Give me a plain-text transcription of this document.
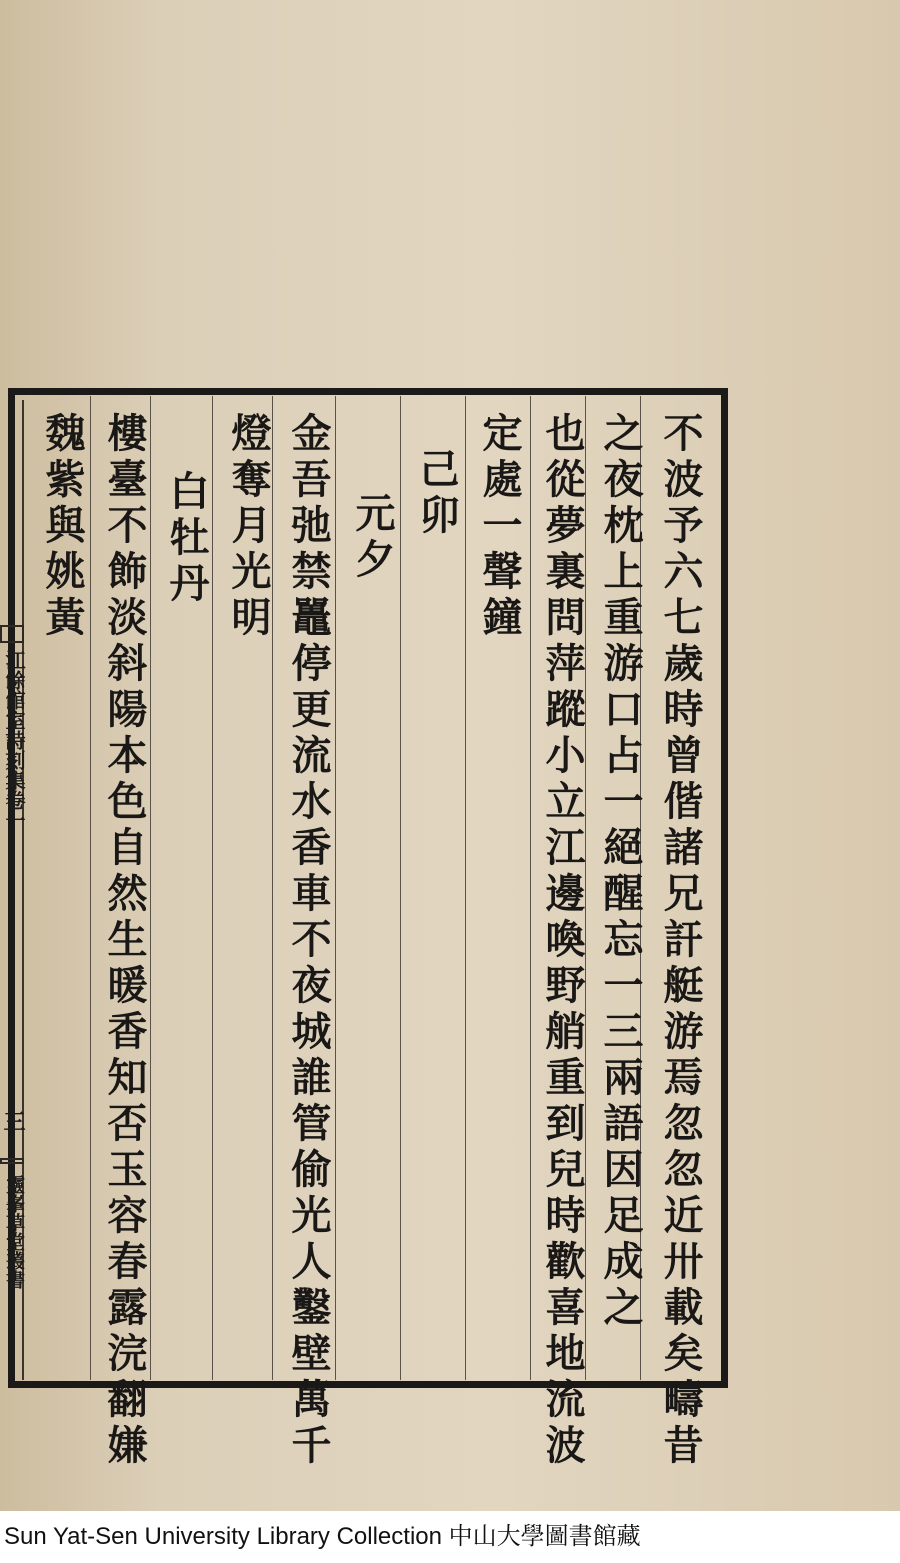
不波予六七歲時曾偕諸兄訐艇游焉忽忽近卅載矣疇昔
之夜枕上重游口占一絕醒忘一三兩語因足成之
也從夢裏問萍蹤小立江邊喚野艄重到兒時歡喜地流波
定處一聲鐘
己卯
元夕
金吾弛禁鼉停更流水香車不夜城誰管偷光人鑿壁萬千
燈奪月光明
白牡丹
樓臺不飾淡斜陽本色自然生暖香知否玉容春露浣翻嫌
魏紫與姚黃
江餘館室詩刻集卷一
三
靈峯草堂叢書
Sun Yat-Sen University Library Collection 中山大學圖書館藏
